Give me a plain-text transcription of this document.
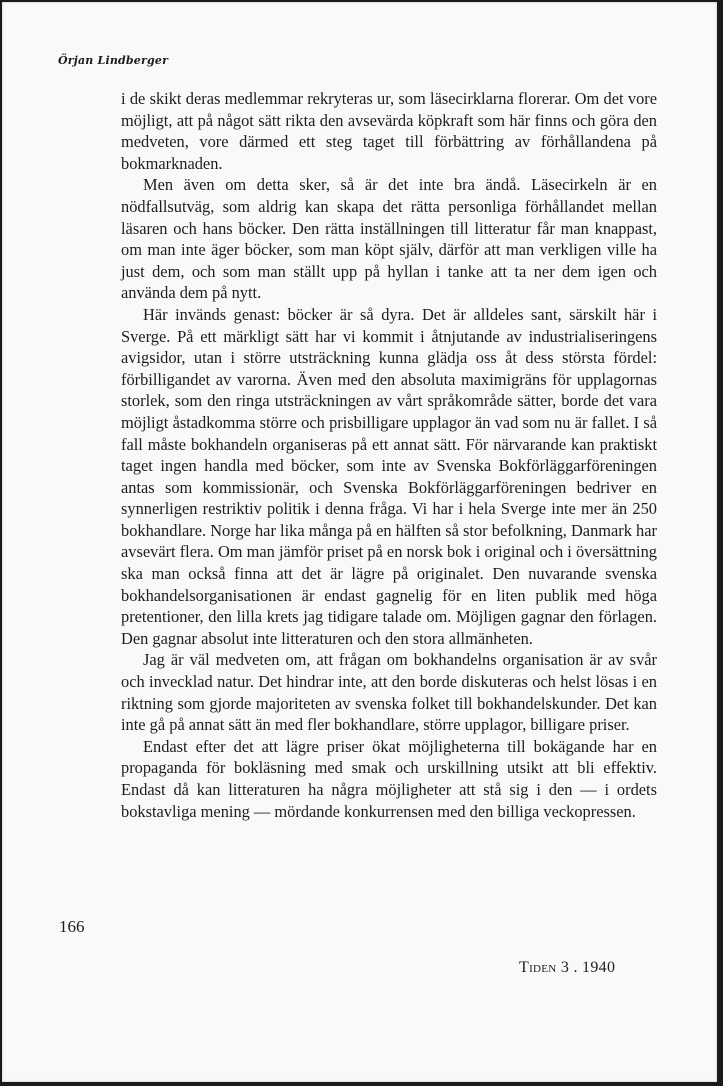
Örjan Lindberger

i de skikt deras medlemmar rekryteras ur, som läsecirklarna florerar. Om det vore möjligt, att på något sätt rikta den avsevärda köpkraft som här finns och göra den medveten, vore därmed ett steg taget till förbättring av förhållandena på bokmarknaden.

Men även om detta sker, så är det inte bra ändå. Läsecirkeln är en nödfallsutväg, som aldrig kan skapa det rätta personliga förhållandet mellan läsaren och hans böcker. Den rätta inställningen till litteratur får man knappast, om man inte äger böcker, som man köpt själv, därför att man verkligen ville ha just dem, och som man ställt upp på hyllan i tanke att ta ner dem igen och använda dem på nytt.

Här invänds genast: böcker är så dyra. Det är alldeles sant, särskilt här i Sverge. På ett märkligt sätt har vi kommit i åtnjutande av industrialiseringens avigsidor, utan i större utsträckning kunna glädja oss åt dess största fördel: förbilligandet av varorna. Även med den absoluta maximigräns för upplagornas storlek, som den ringa utsträckningen av vårt språkområde sätter, borde det vara möjligt åstadkomma större och prisbilligare upplagor än vad som nu är fallet. I så fall måste bokhandeln organiseras på ett annat sätt. För närvarande kan praktiskt taget ingen handla med böcker, som inte av Svenska Bokförläggarföreningen antas som kommissionär, och Svenska Bokförläggarföreningen bedriver en synnerligen restriktiv politik i denna fråga. Vi har i hela Sverge inte mer än 250 bokhandlare. Norge har lika många på en hälften så stor befolkning, Danmark har avsevärt flera. Om man jämför priset på en norsk bok i original och i översättning ska man också finna att det är lägre på originalet. Den nuvarande svenska bokhandelsorganisationen är endast gagnelig för en liten publik med höga pretentioner, den lilla krets jag tidigare talade om. Möjligen gagnar den förlagen. Den gagnar absolut inte litteraturen och den stora allmänheten.

Jag är väl medveten om, att frågan om bokhandelns organisation är av svår och invecklad natur. Det hindrar inte, att den borde diskuteras och helst lösas i en riktning som gjorde majoriteten av svenska folket till bokhandelskunder. Det kan inte gå på annat sätt än med fler bokhandlare, större upplagor, billigare priser.

Endast efter det att lägre priser ökat möjligheterna till bokägande har en propaganda för bokläsning med smak och urskillning utsikt att bli effektiv. Endast då kan litteraturen ha några möjligheter att stå sig i den — i ordets bokstavliga mening — mördande konkurrensen med den billiga veckopressen.

166
Tiden 3 . 1940
